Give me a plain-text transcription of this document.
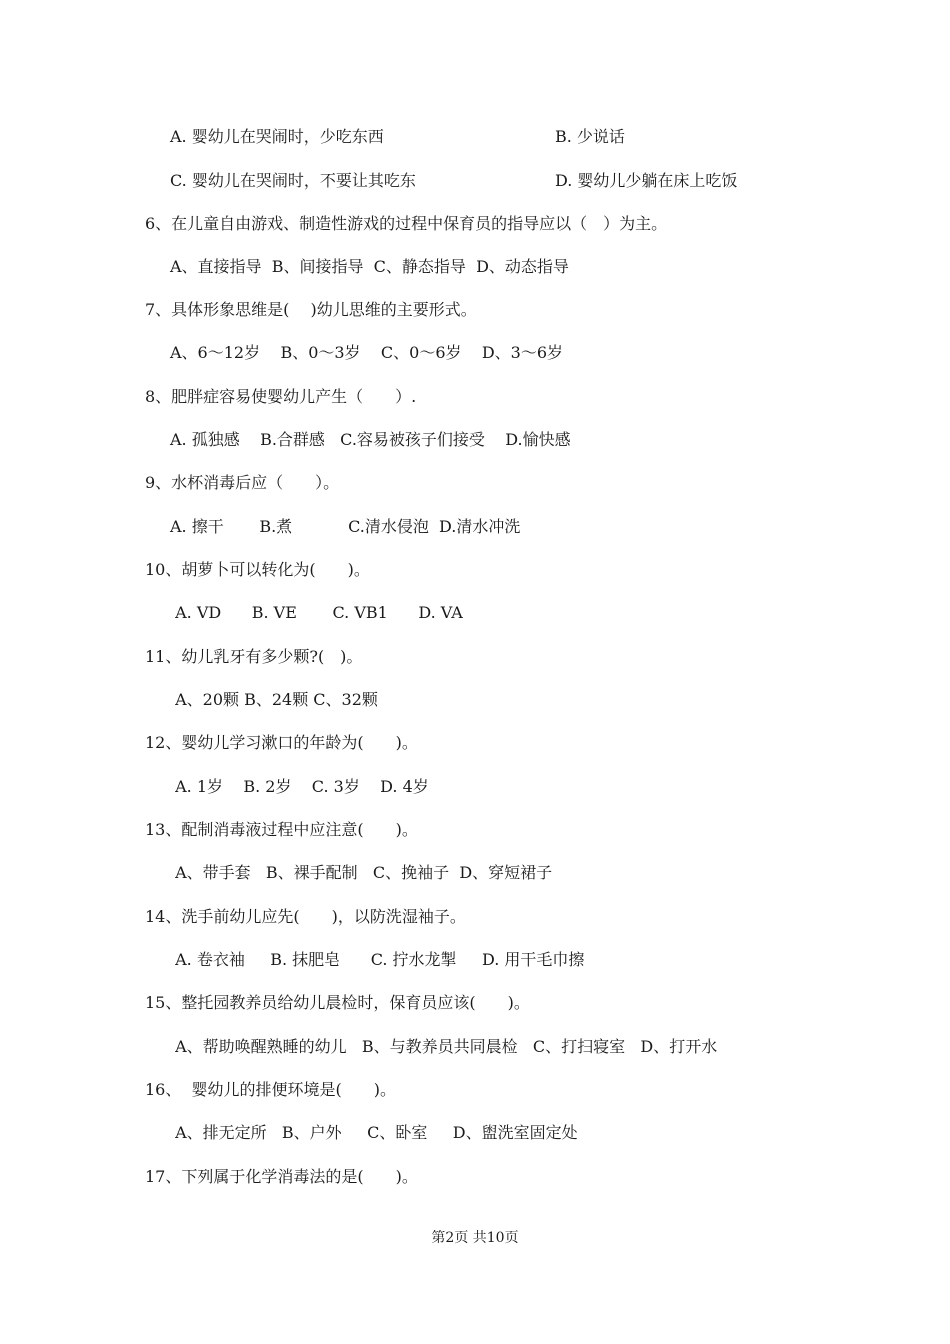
A. 婴幼儿在哭闹时，少吃东西	B. 少说话
C. 婴幼儿在哭闹时，不要让其吃东	D. 婴幼儿少躺在床上吃饭
6、在儿童自由游戏、制造性游戏的过程中保育员的指导应以（　）为主。
A、直接指导  B、间接指导  C、静态指导  D、动态指导
7、具体形象思维是(　 )幼儿思维的主要形式。
A、6～12岁    B、0～3岁    C、0～6岁    D、3～6岁
8、肥胖症容易使婴幼儿产生（　　）.
A. 孤独感    B.合群感   C.容易被孩子们接受    D.愉快感
9、水杯消毒后应（　　）。
A. 擦干       B.煮           C.清水侵泡  D.清水冲洗
10、胡萝卜可以转化为(　　)。
A. VD      B. VE       C. VB1      D. VA
11、幼儿乳牙有多少颗?(　)。
A、20颗 B、24颗 C、32颗
12、婴幼儿学习漱口的年龄为(　　)。
A. 1岁    B. 2岁    C. 3岁    D. 4岁
13、配制消毒液过程中应注意(　　)。
A、带手套   B、裸手配制   C、挽袖子  D、穿短裙子
14、洗手前幼儿应先(　　)，以防洗湿袖子。
A. 卷衣袖     B. 抹肥皂      C. 拧水龙掣     D. 用干毛巾擦
15、整托园教养员给幼儿晨检时，保育员应该(　　)。
A、帮助唤醒熟睡的幼儿   B、与教养员共同晨检   C、打扫寝室   D、打开水
16、  婴幼儿的排便环境是(　　)。
A、排无定所   B、户外     C、卧室     D、盥洗室固定处
17、下列属于化学消毒法的是(　　)。
第2页 共10页
